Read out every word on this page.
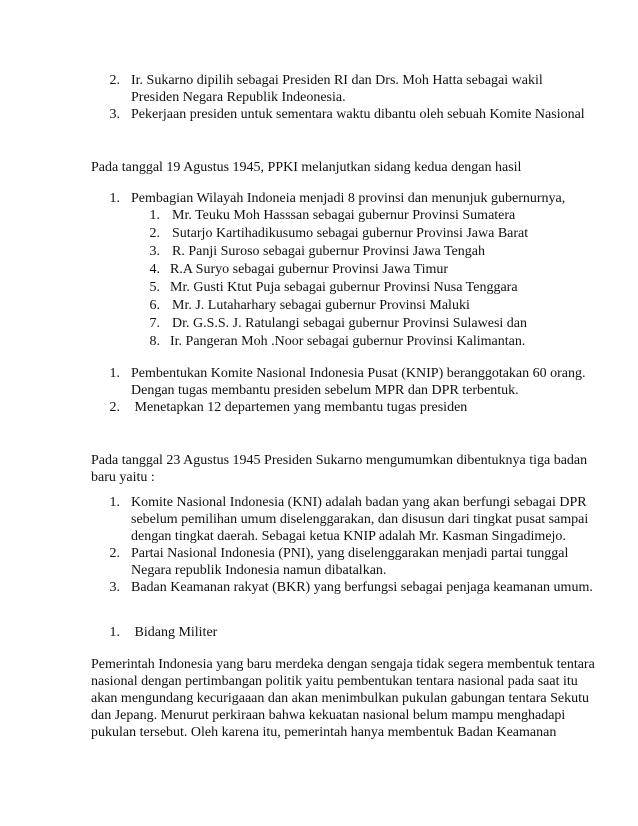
2. Ir. Sukarno dipilih sebagai Presiden RI dan Drs. Moh Hatta sebagai wakil
Presiden Negara Republik Indeonesia.
3. Pekerjaan presiden untuk sementara waktu dibantu oleh sebuah Komite Nasional
Pada tanggal 19 Agustus 1945, PPKI melanjutkan sidang kedua dengan hasil
1. Pembagian Wilayah Indoneia menjadi 8 provinsi dan menunjuk gubernurnya,
1. Mr. Teuku Moh Hasssan sebagai gubernur Provinsi Sumatera
2. Sutarjo Kartihadikusumo sebagai gubernur Provinsi Jawa Barat
3. R. Panji Suroso sebagai gubernur Provinsi Jawa Tengah
4. R.A Suryo sebagai gubernur Provinsi Jawa Timur
5. Mr. Gusti Ktut Puja sebagai gubernur Provinsi Nusa Tenggara
6. Mr. J. Lutaharhary sebagai gubernur Provinsi Maluki
7. Dr. G.S.S. J. Ratulangi sebagai gubernur Provinsi Sulawesi dan
8. Ir. Pangeran Moh .Noor sebagai gubernur Provinsi Kalimantan.
1. Pembentukan Komite Nasional Indonesia Pusat (KNIP) beranggotakan 60 orang.
Dengan tugas membantu presiden sebelum MPR dan DPR terbentuk.
2. Menetapkan 12 departemen yang membantu tugas presiden
Pada tanggal 23 Agustus 1945 Presiden Sukarno mengumumkan dibentuknya tiga badan
baru yaitu :
1. Komite Nasional Indonesia (KNI) adalah badan yang akan berfungi sebagai DPR
sebelum pemilihan umum diselenggarakan, dan disusun dari tingkat pusat sampai
dengan tingkat daerah. Sebagai ketua KNIP adalah Mr. Kasman Singadimejo.
2. Partai Nasional Indonesia (PNI), yang diselenggarakan menjadi partai tunggal
Negara republik Indonesia namun dibatalkan.
3. Badan Keamanan rakyat (BKR) yang berfungsi sebagai penjaga keamanan umum.
1. Bidang Militer
Pemerintah Indonesia yang baru merdeka dengan sengaja tidak segera membentuk tentara
nasional dengan pertimbangan politik yaitu pembentukan tentara nasional pada saat itu
akan mengundang kecurigaaan dan akan menimbulkan pukulan gabungan tentara Sekutu
dan Jepang. Menurut perkiraan bahwa kekuatan nasional belum mampu menghadapi
pukulan tersebut. Oleh karena itu, pemerintah hanya membentuk Badan Keamanan
